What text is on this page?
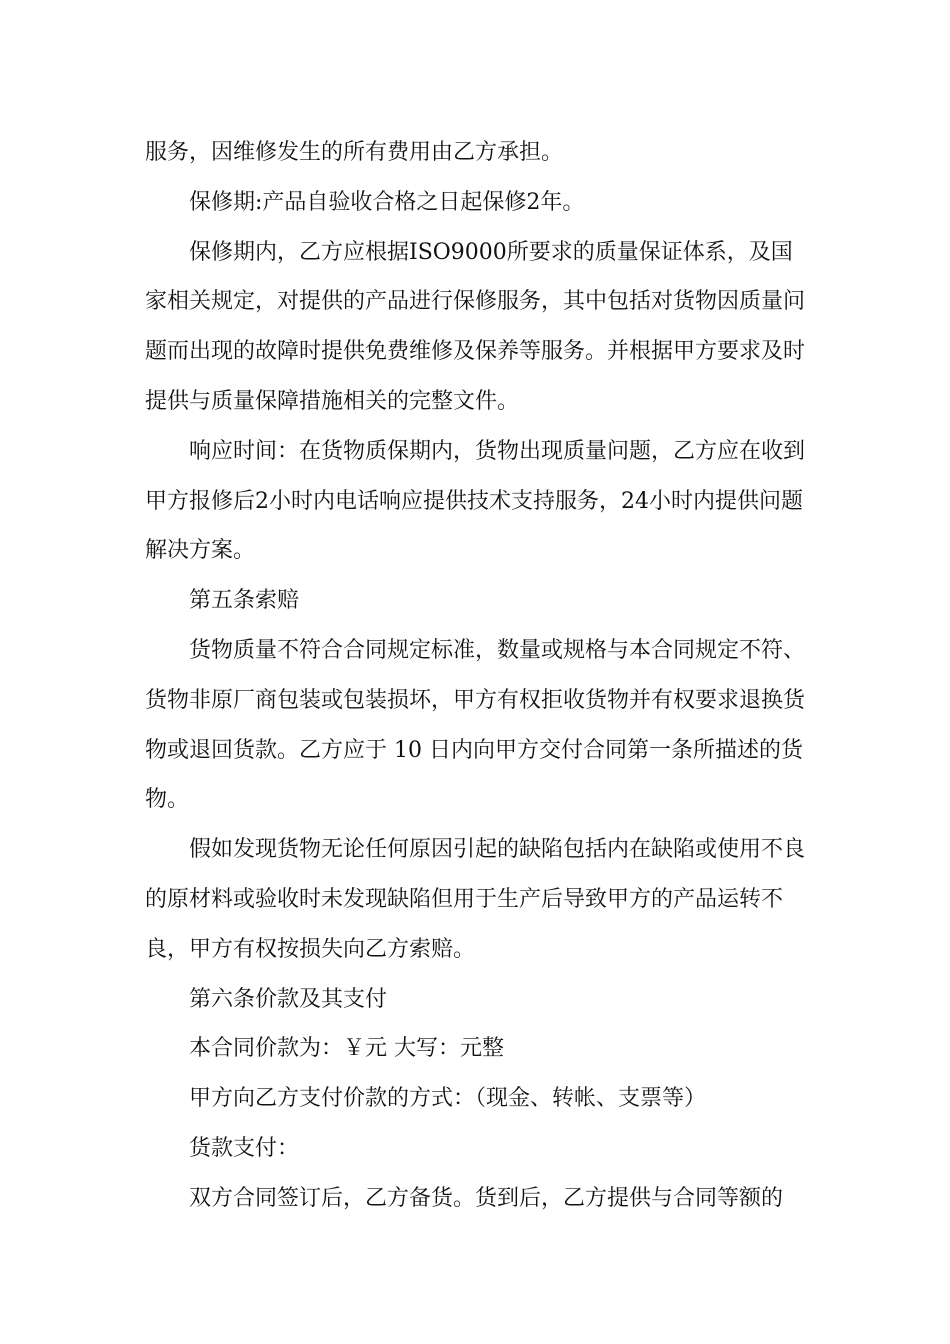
服务，因维修发生的所有费用由乙方承担。

保修期:产品自验收合格之日起保修2年。

保修期内，乙方应根据ISO9000所要求的质量保证体系，及国家相关规定，对提供的产品进行保修服务，其中包括对货物因质量问题而出现的故障时提供免费维修及保养等服务。并根据甲方要求及时提供与质量保障措施相关的完整文件。

响应时间：在货物质保期内，货物出现质量问题，乙方应在收到甲方报修后2小时内电话响应提供技术支持服务，24小时内提供问题解决方案。

第五条索赔

货物质量不符合合同规定标准，数量或规格与本合同规定不符、货物非原厂商包装或包装损坏，甲方有权拒收货物并有权要求退换货物或退回货款。乙方应于 10 日内向甲方交付合同第一条所描述的货物。

假如发现货物无论任何原因引起的缺陷包括内在缺陷或使用不良的原材料或验收时未发现缺陷但用于生产后导致甲方的产品运转不良，甲方有权按损失向乙方索赔。

第六条价款及其支付

本合同价款为：￥元 大写：元整

甲方向乙方支付价款的方式：（现金、转帐、支票等）

货款支付：

双方合同签订后，乙方备货。货到后，乙方提供与合同等额的
